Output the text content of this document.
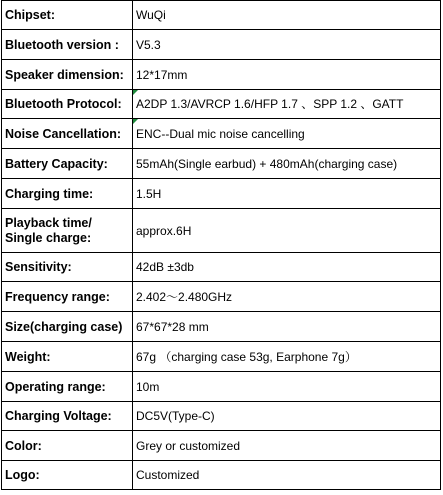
Chipset:	WuQi
Bluetooth version :	V5.3
Speaker dimension:	12*17mm
Bluetooth Protocol:	A2DP 1.3/AVRCP 1.6/HFP 1.7 、SPP 1.2 、GATT
Noise Cancellation:	ENC--Dual mic noise cancelling
Battery Capacity:	55mAh(Single earbud) + 480mAh(charging case)
Charging time:	1.5H

Playback time/
Single charge:	approx.6H
Sensitivity:	42dB ±3db
Frequency range:	2.402～2.480GHz
Size(charging case)	67*67*28 mm
Weight:	67g （charging case 53g, Earphone 7g）
Operating range:	10m
Charging Voltage:	DC5V(Type-C)
Color:	Grey or customized
Logo:	Customized
